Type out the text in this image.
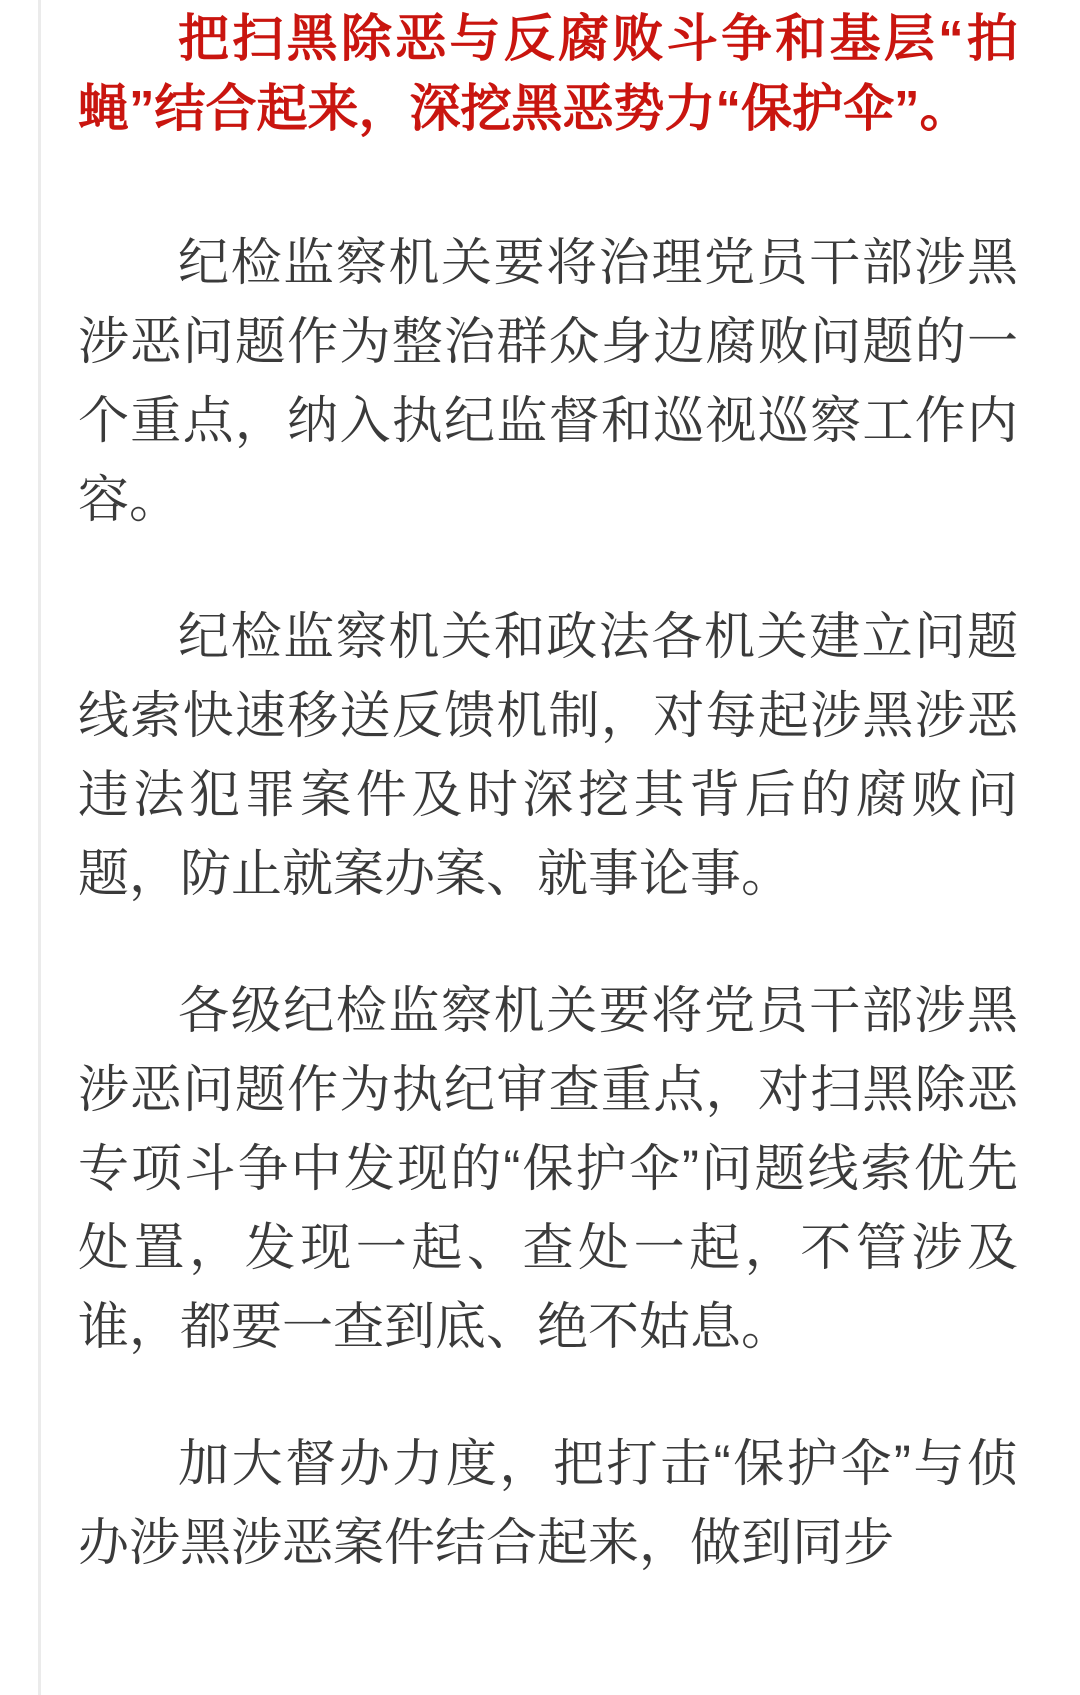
把扫黑除恶与反腐败斗争和基层“拍蝇”结合起来，深挖黑恶势力“保护伞”。

纪检监察机关要将治理党员干部涉黑涉恶问题作为整治群众身边腐败问题的一个重点，纳入执纪监督和巡视巡察工作内容。

纪检监察机关和政法各机关建立问题线索快速移送反馈机制，对每起涉黑涉恶违法犯罪案件及时深挖其背后的腐败问题，防止就案办案、就事论事。

各级纪检监察机关要将党员干部涉黑涉恶问题作为执纪审查重点，对扫黑除恶专项斗争中发现的“保护伞”问题线索优先处置，发现一起、查处一起，不管涉及谁，都要一查到底、绝不姑息。

加大督办力度，把打击“保护伞”与侦办涉黑涉恶案件结合起来，做到同步
